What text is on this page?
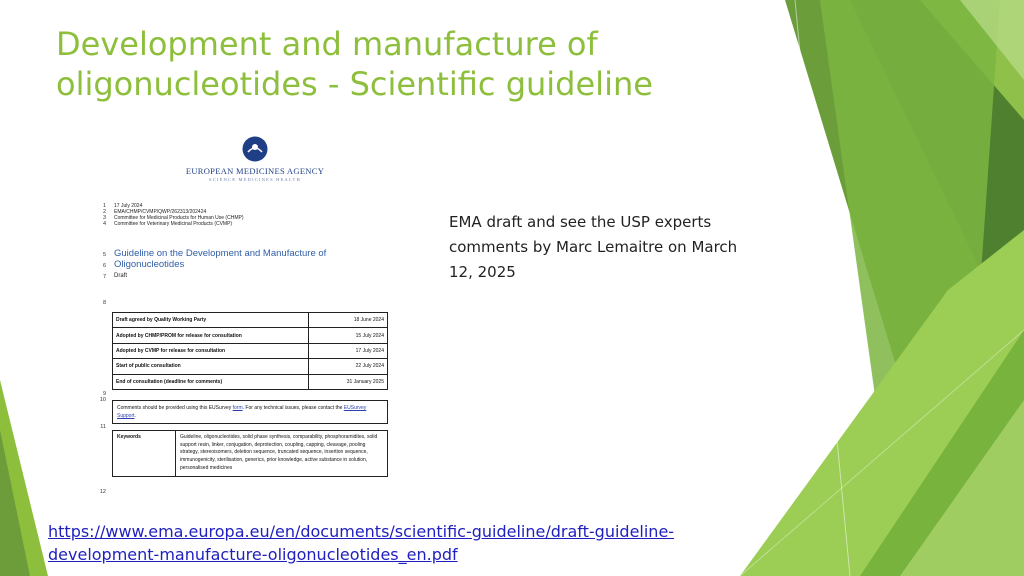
Development and manufacture of
oligonucleotides - Scientific guideline
EUROPEAN MEDICINES AGENCY
SCIENCE MEDICINES HEALTH
1
2
3
4
5
6
7
8
9
10
11
12
17 July 2024
EMA/CHMP/CVMP/QWP/262313/202424
Committee for Medicinal Products for Human Use (CHMP)
Committee for Veterinary Medicinal Products (CVMP)
Guideline on the Development and Manufacture of
Oligonucleotides
Draft
Draft agreed by Quality Working Party	18 June 2024
Adopted by CHMP/PROM for release for consultation	15 July 2024
Adopted by CVMP for release for consultation	17 July 2024
Start of public consultation	22 July 2024
End of consultation (deadline for comments)	31 January 2025
Comments should be provided using this EUSurvey form. For any technical issues, please contact the EUSurvey Support.
Keywords	Guideline, oligonucleotides, solid phase synthesis, comparability, phosphoramidites, solid support resin, linker, conjugation, deprotection, coupling, capping, cleavage, pooling strategy, stereoisomers, deletion sequence, truncated sequence, insertion sequence, immunogenicity, sterilisation, generics, prior knowledge, active substance in solution, personalised medicines
EMA draft and see the USP experts
comments by Marc Lemaitre on March
12, 2025
https://www.ema.europa.eu/en/documents/scientific-guideline/draft-guideline-
development-manufacture-oligonucleotides_en.pdf
